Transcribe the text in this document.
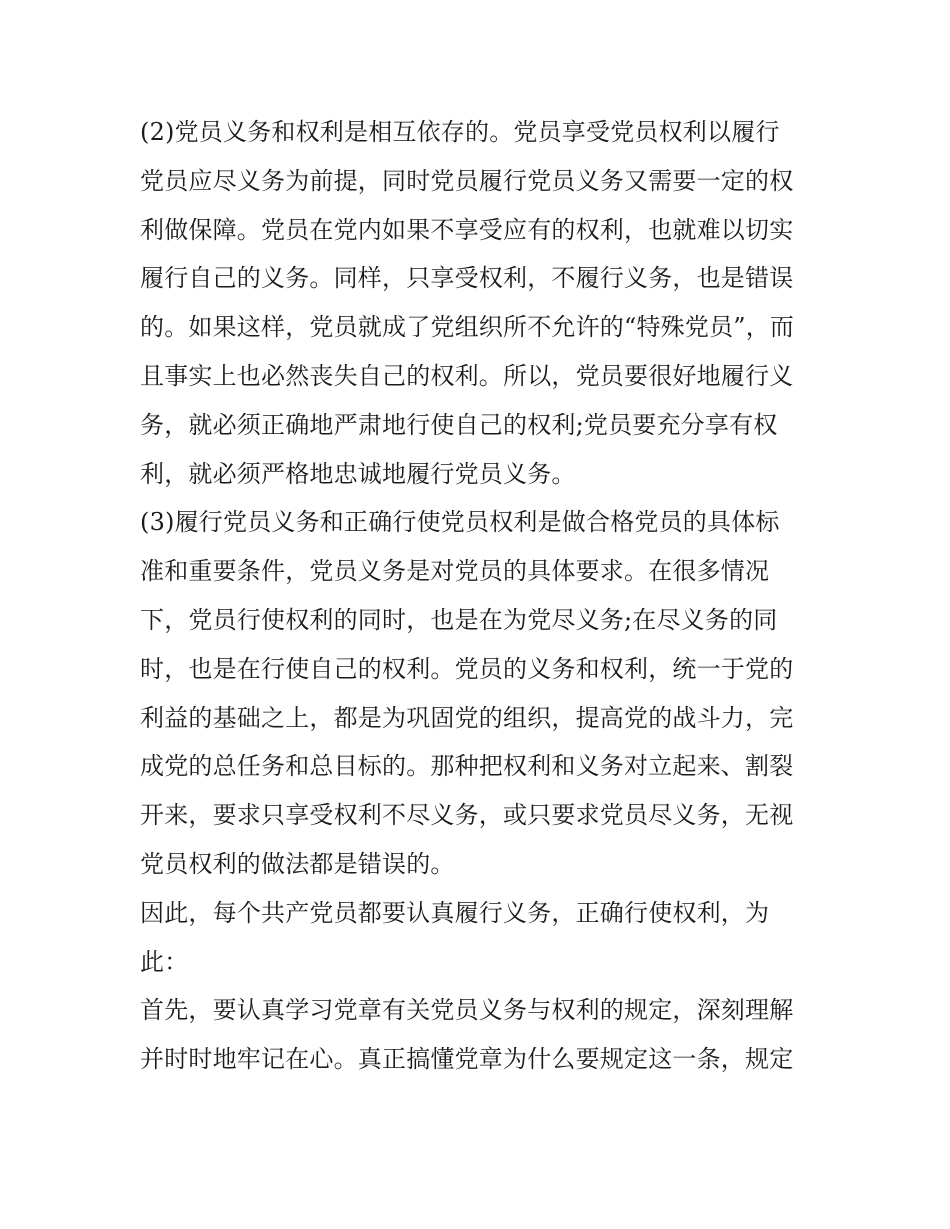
(2)党员义务和权利是相互依存的。党员享受党员权利以履行
党员应尽义务为前提，同时党员履行党员义务又需要一定的权
利做保障。党员在党内如果不享受应有的权利，也就难以切实
履行自己的义务。同样，只享受权利，不履行义务，也是错误
的。如果这样，党员就成了党组织所不允许的“特殊党员”，而
且事实上也必然丧失自己的权利。所以，党员要很好地履行义
务，就必须正确地严肃地行使自己的权利;党员要充分享有权
利，就必须严格地忠诚地履行党员义务。
(3)履行党员义务和正确行使党员权利是做合格党员的具体标
准和重要条件，党员义务是对党员的具体要求。在很多情况
下，党员行使权利的同时，也是在为党尽义务;在尽义务的同
时，也是在行使自己的权利。党员的义务和权利，统一于党的
利益的基础之上，都是为巩固党的组织，提高党的战斗力，完
成党的总任务和总目标的。那种把权利和义务对立起来、割裂
开来，要求只享受权利不尽义务，或只要求党员尽义务，无视
党员权利的做法都是错误的。
因此，每个共产党员都要认真履行义务，正确行使权利，为
此：
首先，要认真学习党章有关党员义务与权利的规定，深刻理解
并时时地牢记在心。真正搞懂党章为什么要规定这一条，规定
